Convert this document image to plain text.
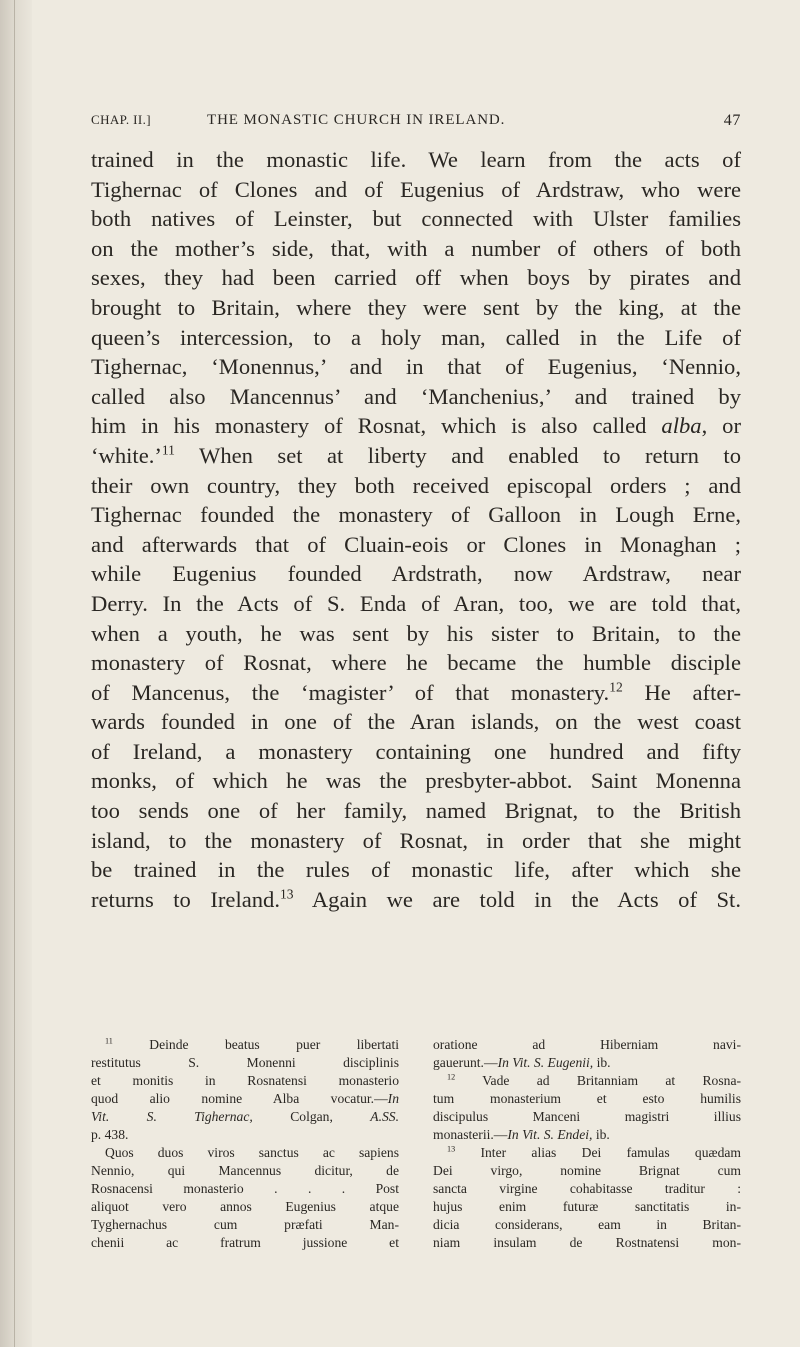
CHAP. II.]	THE MONASTIC CHURCH IN IRELAND.	47
trained in the monastic life. We learn from the acts of
Tighernac of Clones and of Eugenius of Ardstraw, who were
both natives of Leinster, but connected with Ulster families
on the mother’s side, that, with a number of others of both
sexes, they had been carried off when boys by pirates and
brought to Britain, where they were sent by the king, at the
queen’s intercession, to a holy man, called in the Life of
Tighernac, ‘Monennus,’ and in that of Eugenius, ‘Nennio,
called also Mancennus’ and ‘Manchenius,’ and trained by
him in his monastery of Rosnat, which is also called alba, or
‘white.’$^{11}$ When set at liberty and enabled to return to
their own country, they both received episcopal orders ; and
Tighernac founded the monastery of Galloon in Lough Erne,
and afterwards that of Cluain-eois or Clones in Monaghan ;
while Eugenius founded Ardstrath, now Ardstraw, near
Derry. In the Acts of S. Enda of Aran, too, we are told that,
when a youth, he was sent by his sister to Britain, to the
monastery of Rosnat, where he became the humble disciple
of Mancenus, the ‘magister’ of that monastery.$^{12}$ He after-
wards founded in one of the Aran islands, on the west coast
of Ireland, a monastery containing one hundred and fifty
monks, of which he was the presbyter-abbot. Saint Monenna
too sends one of her family, named Brignat, to the British
island, to the monastery of Rosnat, in order that she might
be trained in the rules of monastic life, after which she
returns to Ireland.$^{13}$ Again we are told in the Acts of St.
$^{11}$	Deinde beatus puer libertati
restitutus S. Monenni disciplinis
et monitis in Rosnatensi monasterio
quod alio nomine Alba vocatur.—In
Vit. S. Tighernac,	Colgan,	A.SS.
p. 438.
Quos duos viros sanctus ac sapiens
Nennio, qui Mancennus dicitur, de
Rosnacensi monasterio . . . Post
aliquot vero annos Eugenius atque
Tyghernachus cum præfati Man-
chenii ac fratrum jussione et
oratione ad Hiberniam navi-
gauerunt.—In Vit. S. Eugenii, ib.
$^{12}$ Vade ad Britanniam at Rosna-
tum monasterium et esto humilis
discipulus Manceni magistri illius
monasterii.—In Vit. S. Endei, ib.
$^{13}$ Inter alias Dei famulas quædam
Dei virgo, nomine Brignat cum
sancta virgine cohabitasse traditur :
hujus enim futuræ sanctitatis in-
dicia considerans, eam in Britan-
niam insulam de Rostnatensi mon-
